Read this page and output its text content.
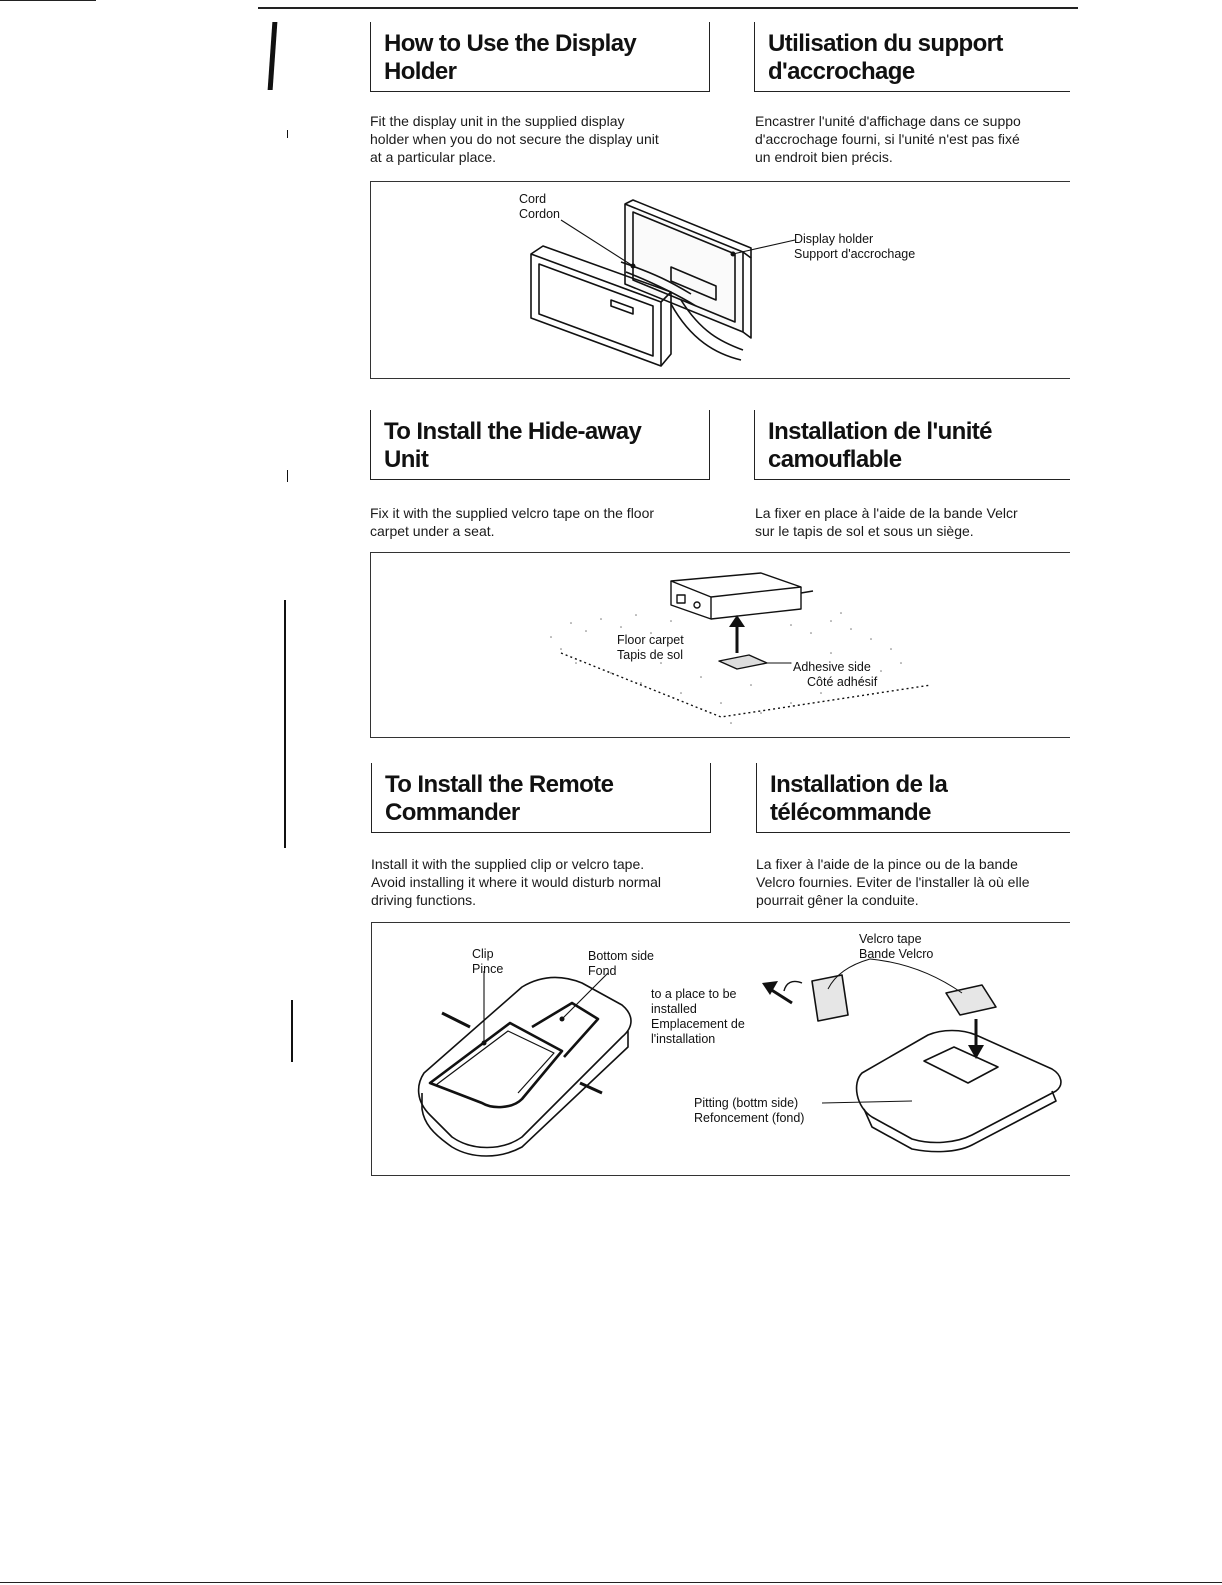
How to Use the Display
Holder
Utilisation du support
d'accrochage
Fit the display unit in the supplied display
holder when you do not secure the display unit
at a particular place.
Encastrer l'unité d'affichage dans ce suppo
d'accrochage fourni, si l'unité n'est pas fixé
un endroit bien précis.
Cord
Cordon
Display holder
Support d'accrochage
To Install the Hide-away
Unit
Installation de l'unité
camouflable
Fix it with the supplied velcro tape on the floor
carpet under a seat.
La fixer en place à l'aide de la bande Velcr
sur le tapis de sol et sous un siège.
Floor carpet
Tapis de sol
Adhesive side
Côté adhésif
To Install the Remote
Commander
Installation de la
télécommande
Install it with the supplied clip or velcro tape.
Avoid installing it where it would disturb normal
driving functions.
La fixer à l'aide de la pince ou de la bande
Velcro fournies. Eviter de l'installer là où elle
pourrait gêner la conduite.
Clip
Pince
Bottom side
Fond
to a place to be
installed
Emplacement de
l'installation
Velcro tape
Bande Velcro
Pitting (bottm side)
Refoncement (fond)
